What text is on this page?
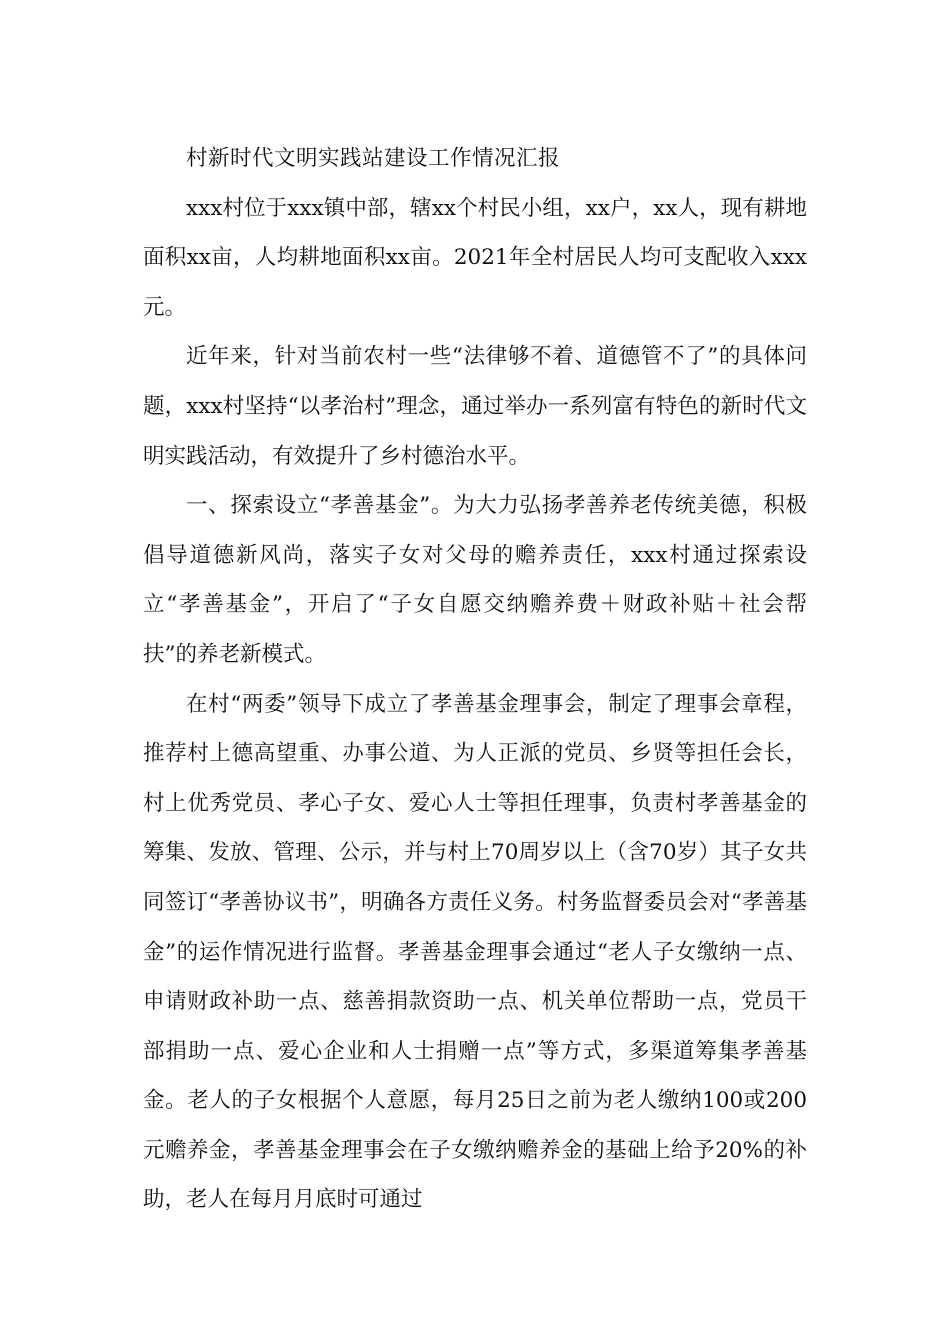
村新时代文明实践站建设工作情况汇报

xxx村位于xxx镇中部，辖xx个村民小组，xx户，xx人，现有耕地面积xx亩，人均耕地面积xx亩。2021年全村居民人均可支配收入xxx元。

近年来，针对当前农村一些“法律够不着、道德管不了”的具体问题，xxx村坚持“以孝治村”理念，通过举办一系列富有特色的新时代文明实践活动，有效提升了乡村德治水平。

一、探索设立“孝善基金”。为大力弘扬孝善养老传统美德，积极倡导道德新风尚，落实子女对父母的赡养责任，xxx村通过探索设立“孝善基金”，开启了“子女自愿交纳赡养费＋财政补贴＋社会帮扶”的养老新模式。

在村“两委”领导下成立了孝善基金理事会，制定了理事会章程，推荐村上德高望重、办事公道、为人正派的党员、乡贤等担任会长，村上优秀党员、孝心子女、爱心人士等担任理事，负责村孝善基金的筹集、发放、管理、公示，并与村上70周岁以上（含70岁）其子女共同签订“孝善协议书”，明确各方责任义务。村务监督委员会对“孝善基金”的运作情况进行监督。孝善基金理事会通过“老人子女缴纳一点、申请财政补助一点、慈善捐款资助一点、机关单位帮助一点，党员干部捐助一点、爱心企业和人士捐赠一点”等方式，多渠道筹集孝善基金。老人的子女根据个人意愿，每月25日之前为老人缴纳100或200元赡养金，孝善基金理事会在子女缴纳赡养金的基础上给予20%的补助，老人在每月月底时可通过
